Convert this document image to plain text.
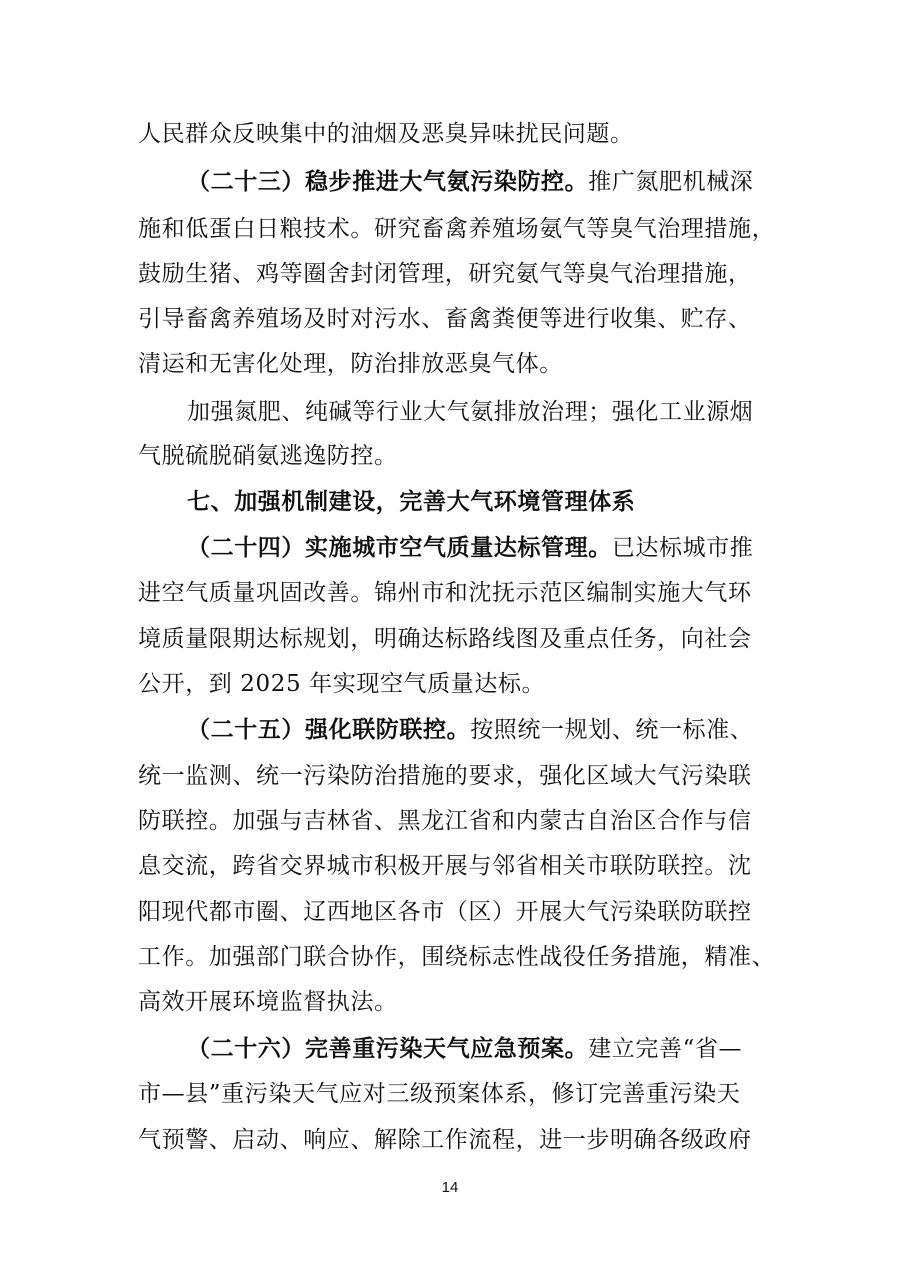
人民群众反映集中的油烟及恶臭异味扰民问题。
（二十三）稳步推进大气氨污染防控。推广氮肥机械深
施和低蛋白日粮技术。研究畜禽养殖场氨气等臭气治理措施，
鼓励生猪、鸡等圈舍封闭管理，研究氨气等臭气治理措施，
引导畜禽养殖场及时对污水、畜禽粪便等进行收集、贮存、
清运和无害化处理，防治排放恶臭气体。
加强氮肥、纯碱等行业大气氨排放治理；强化工业源烟
气脱硫脱硝氨逃逸防控。
七、加强机制建设，完善大气环境管理体系
（二十四）实施城市空气质量达标管理。已达标城市推
进空气质量巩固改善。锦州市和沈抚示范区编制实施大气环
境质量限期达标规划，明确达标路线图及重点任务，向社会
公开，到 2025 年实现空气质量达标。
（二十五）强化联防联控。按照统一规划、统一标准、
统一监测、统一污染防治措施的要求，强化区域大气污染联
防联控。加强与吉林省、黑龙江省和内蒙古自治区合作与信
息交流，跨省交界城市积极开展与邻省相关市联防联控。沈
阳现代都市圈、辽西地区各市（区）开展大气污染联防联控
工作。加强部门联合协作，围绕标志性战役任务措施，精准、
高效开展环境监督执法。
（二十六）完善重污染天气应急预案。建立完善“省—
市—县”重污染天气应对三级预案体系，修订完善重污染天
气预警、启动、响应、解除工作流程，进一步明确各级政府
14
